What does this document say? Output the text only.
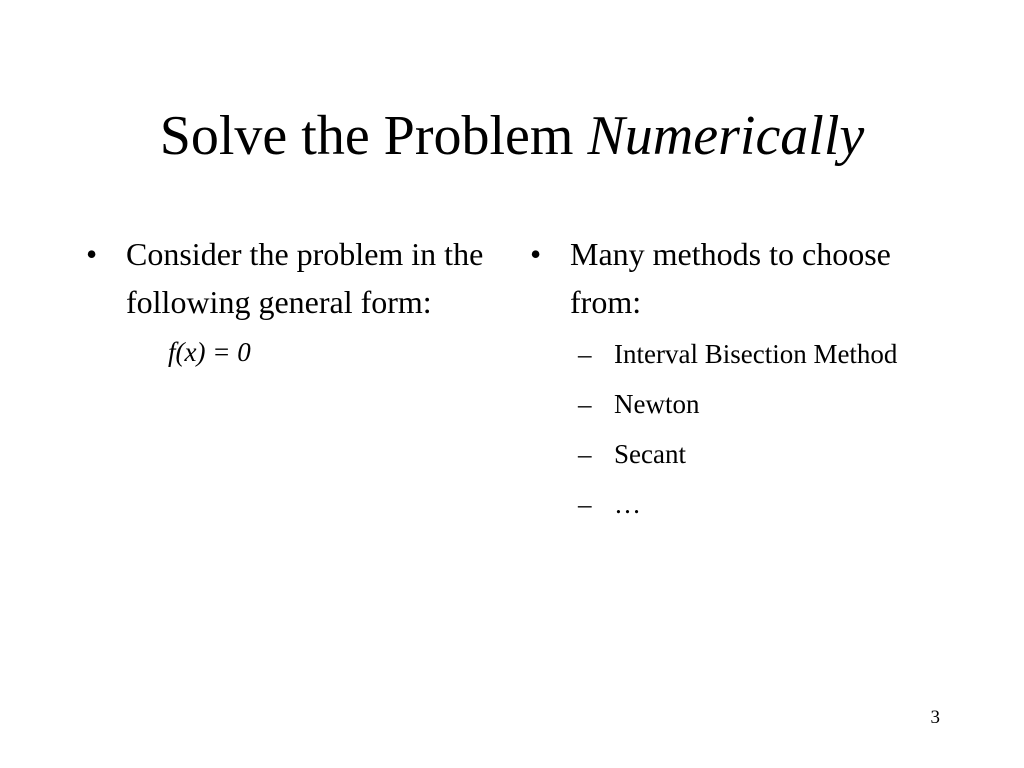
Solve the Problem Numerically
• Consider the problem in the following general form:
f(x) = 0
• Many methods to choose from:
– Interval Bisection Method
– Newton
– Secant
– …
3
